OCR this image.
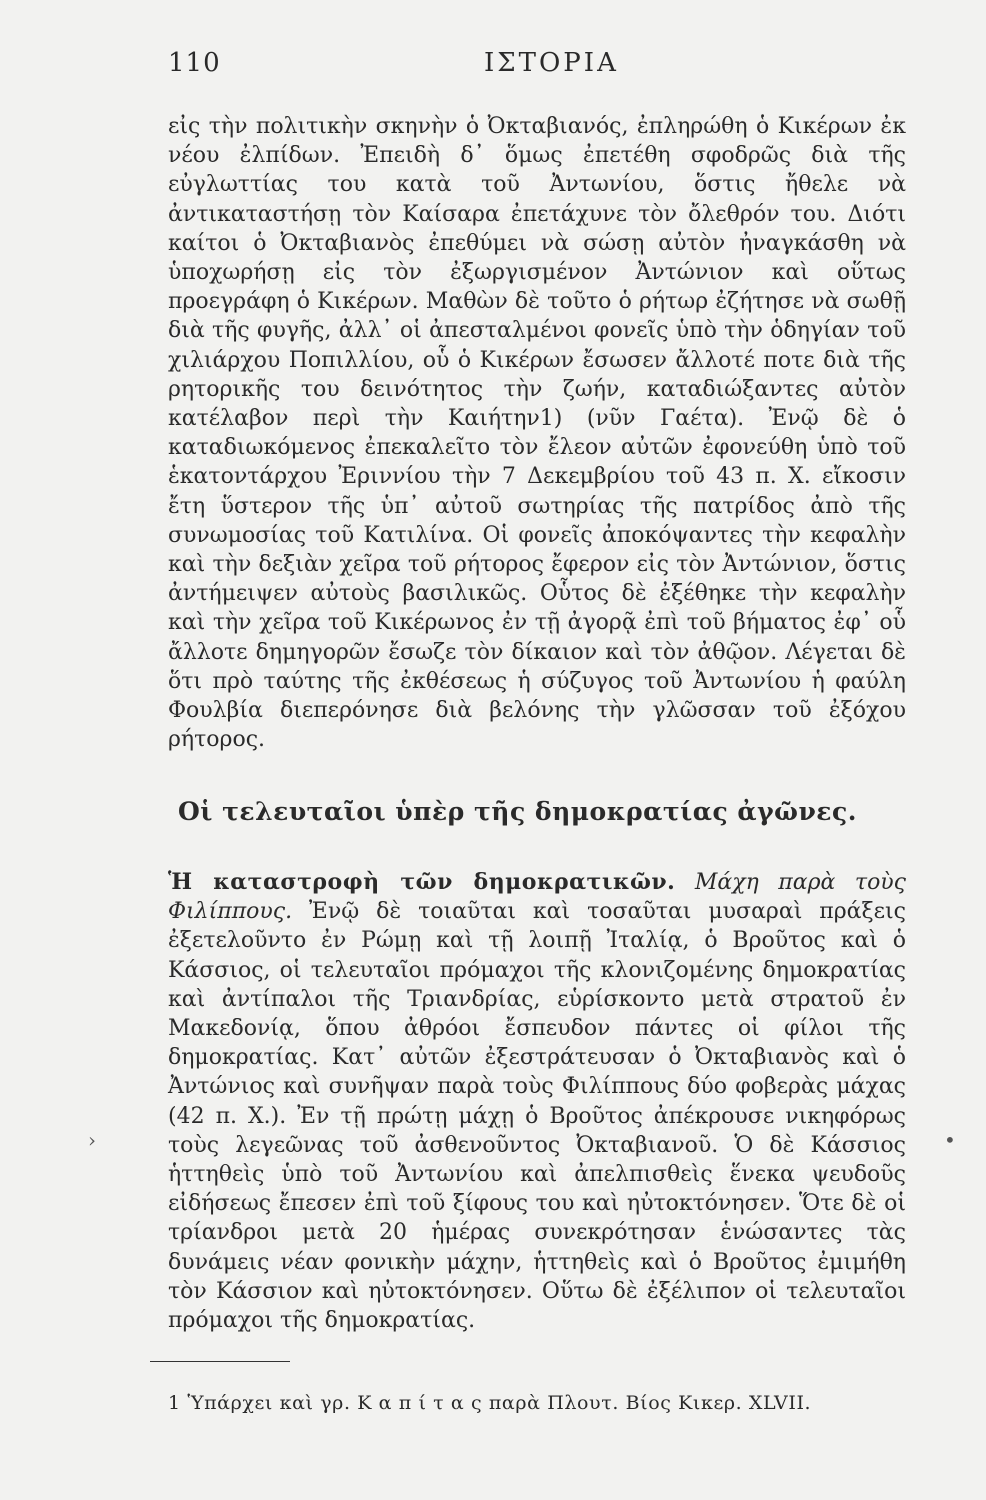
110	ΙΣΤΟΡΙΑ

εἰς τὴν πολιτικὴν σκηνὴν ὁ Ὀκταβιανός, ἐπληρώθη ὁ Κικέρων ἐκ νέου ἐλπίδων. Ἐπειδὴ δ᾽ ὅμως ἐπετέθη σφοδρῶς διὰ τῆς εὐγλωττίας του κατὰ τοῦ Ἀντωνίου, ὅστις ἤθελε νὰ ἀντικαταστήσῃ τὸν Καίσαρα ἐπετάχυνε τὸν ὄλεθρόν του. Διότι καίτοι ὁ Ὀκταβιανὸς ἐπεθύμει νὰ σώσῃ αὐτὸν ἠναγκάσθη νὰ ὑποχωρήσῃ εἰς τὸν ἐξωργισμένον Ἀντώνιον καὶ οὕτως προεγράφη ὁ Κικέρων. Μαθὼν δὲ τοῦτο ὁ ρήτωρ ἐζήτησε νὰ σωθῇ διὰ τῆς φυγῆς, ἀλλ᾽ οἱ ἀπεσταλμένοι φονεῖς ὑπὸ τὴν ὁδηγίαν τοῦ χιλιάρχου Ποπιλλίου, οὗ ὁ Κικέρων ἔσωσεν ἄλλοτέ ποτε διὰ τῆς ρητορικῆς του δεινότητος τὴν ζωήν, καταδιώξαντες αὐτὸν κατέλαβον περὶ τὴν Καιήτην1) (νῦν Γαέτα). Ἐνῷ δὲ ὁ καταδιωκόμενος ἐπεκαλεῖτο τὸν ἔλεον αὐτῶν ἐφονεύθη ὑπὸ τοῦ ἑκατοντάρχου Ἐριννίου τὴν 7 Δεκεμβρίου τοῦ 43 π. Χ. εἴκοσιν ἔτη ὕστερον τῆς ὑπ᾽ αὐτοῦ σωτηρίας τῆς πατρίδος ἀπὸ τῆς συνωμοσίας τοῦ Κατιλίνα. Οἱ φονεῖς ἀποκόψαντες τὴν κεφαλὴν καὶ τὴν δεξιὰν χεῖρα τοῦ ρήτορος ἔφερον εἰς τὸν Ἀντώνιον, ὅστις ἀντήμειψεν αὐτοὺς βασιλικῶς. Οὗτος δὲ ἐξέθηκε τὴν κεφαλὴν καὶ τὴν χεῖρα τοῦ Κικέρωνος ἐν τῇ ἀγορᾷ ἐπὶ τοῦ βήματος ἐφ᾽ οὗ ἄλλοτε δημηγορῶν ἔσωζε τὸν δίκαιον καὶ τὸν ἀθῷον. Λέγεται δὲ ὅτι πρὸ ταύτης τῆς ἐκθέσεως ἡ σύζυγος τοῦ Ἀντωνίου ἡ φαύλη Φουλβία διεπερόνησε διὰ βελόνης τὴν γλῶσσαν τοῦ ἐξόχου ρήτορος.

Οἱ τελευταῖοι ὑπὲρ τῆς δημοκρατίας ἀγῶνες.
Ἡ καταστροφὴ τῶν δημοκρατικῶν. Μάχη παρὰ τοὺς Φιλίππους. Ἐνῷ δὲ τοιαῦται καὶ τοσαῦται μυσαραὶ πράξεις ἐξετελοῦντο ἐν Ρώμῃ καὶ τῇ λοιπῇ Ἰταλίᾳ, ὁ Βροῦτος καὶ ὁ Κάσσιος, οἱ τελευταῖοι πρόμαχοι τῆς κλονιζομένης δημοκρατίας καὶ ἀντίπαλοι τῆς Τριανδρίας, εὑρίσκοντο μετὰ στρατοῦ ἐν Μακεδονίᾳ, ὅπου ἀθρόοι ἔσπευδον πάντες οἱ φίλοι τῆς δημοκρατίας. Κατ᾽ αὐτῶν ἐξεστράτευσαν ὁ Ὀκταβιανὸς καὶ ὁ Ἀντώνιος καὶ συνῆψαν παρὰ τοὺς Φιλίππους δύο φοβερὰς μάχας (42 π. Χ.). Ἐν τῇ πρώτῃ μάχῃ ὁ Βροῦτος ἀπέκρουσε νικηφόρως τοὺς λεγεῶνας τοῦ ἀσθενοῦντος Ὀκταβιανοῦ. Ὁ δὲ Κάσσιος ἡττηθεὶς ὑπὸ τοῦ Ἀντωνίου καὶ ἀπελπισθεὶς ἕνεκα ψευδοῦς εἰδήσεως ἔπεσεν ἐπὶ τοῦ ξίφους του καὶ ηὐτοκτόνησεν. Ὅτε δὲ οἱ τρίανδροι μετὰ 20 ἡμέρας συνεκρότησαν ἑνώσαντες τὰς δυνάμεις νέαν φονικὴν μάχην, ἡττηθεὶς καὶ ὁ Βροῦτος ἐμιμήθη τὸν Κάσσιον καὶ ηὐτοκτόνησεν. Οὕτω δὲ ἐξέλιπον οἱ τελευταῖοι πρόμαχοι τῆς δημοκρατίας.
1 Ὑπάρχει καὶ γρ. Κ α π ί τ α ς παρὰ Πλουτ. Βίος Κικερ. XLVII.
›	•
